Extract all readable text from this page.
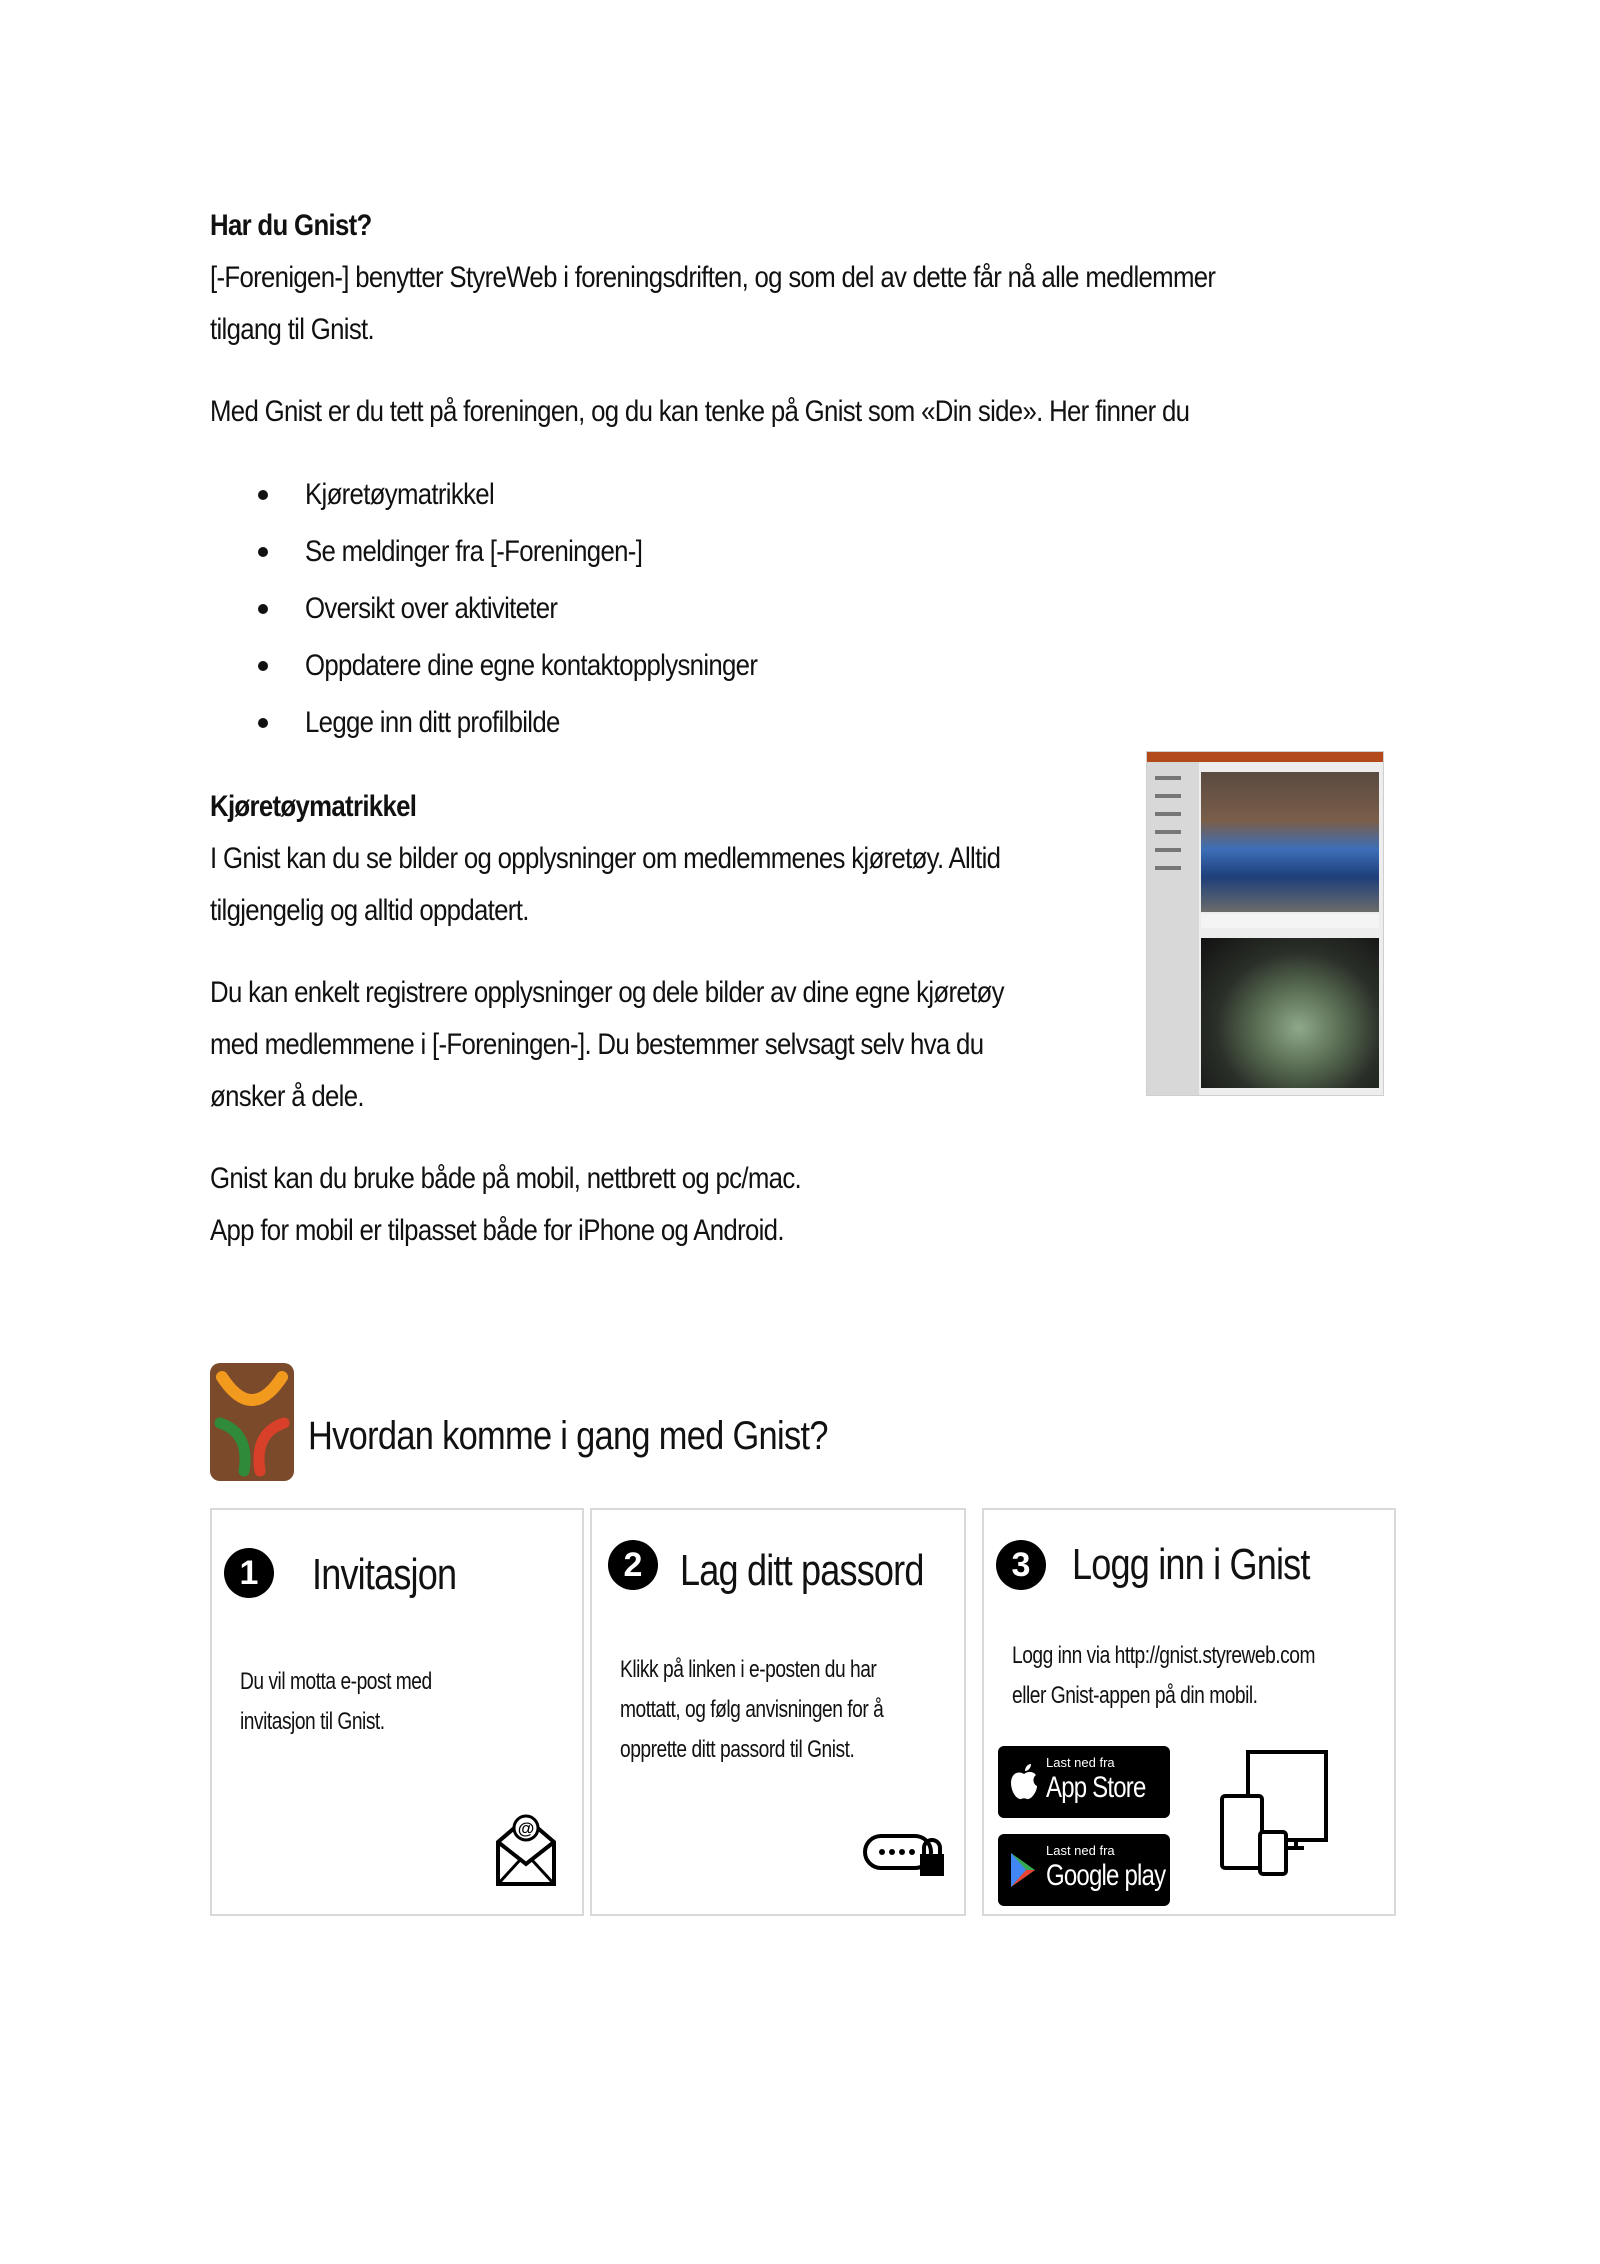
Har du Gnist?
[-Forenigen-] benytter StyreWeb i foreningsdriften, og som del av dette får nå alle medlemmer
tilgang til Gnist.
Med Gnist er du tett på foreningen, og du kan tenke på Gnist som «Din side». Her finner du
Kjøretøymatrikkel
Se meldinger fra [-Foreningen-]
Oversikt over aktiviteter
Oppdatere dine egne kontaktopplysninger
Legge inn ditt profilbilde
Kjøretøymatrikkel
I Gnist kan du se bilder og opplysninger om medlemmenes kjøretøy. Alltid
tilgjengelig og alltid oppdatert.
Du kan enkelt registrere opplysninger og dele bilder av dine egne kjøretøy
med medlemmene i [-Foreningen-]. Du bestemmer selvsagt selv hva du
ønsker å dele.
Gnist kan du bruke både på mobil, nettbrett og pc/mac.
App for mobil er tilpasset både for iPhone og Android.
Hvordan komme i gang med Gnist?
1	Invitasjon
Du vil motta e-post med
invitasjon til Gnist.
@
2 Lag ditt passord
Klikk på linken i e-posten du har
mottatt, og følg anvisningen for å
opprette ditt passord til Gnist.
3 Logg inn i Gnist
Logg inn via http://gnist.styreweb.com
eller Gnist-appen på din mobil.
Last ned fra
App Store
Last ned fra
Google play
